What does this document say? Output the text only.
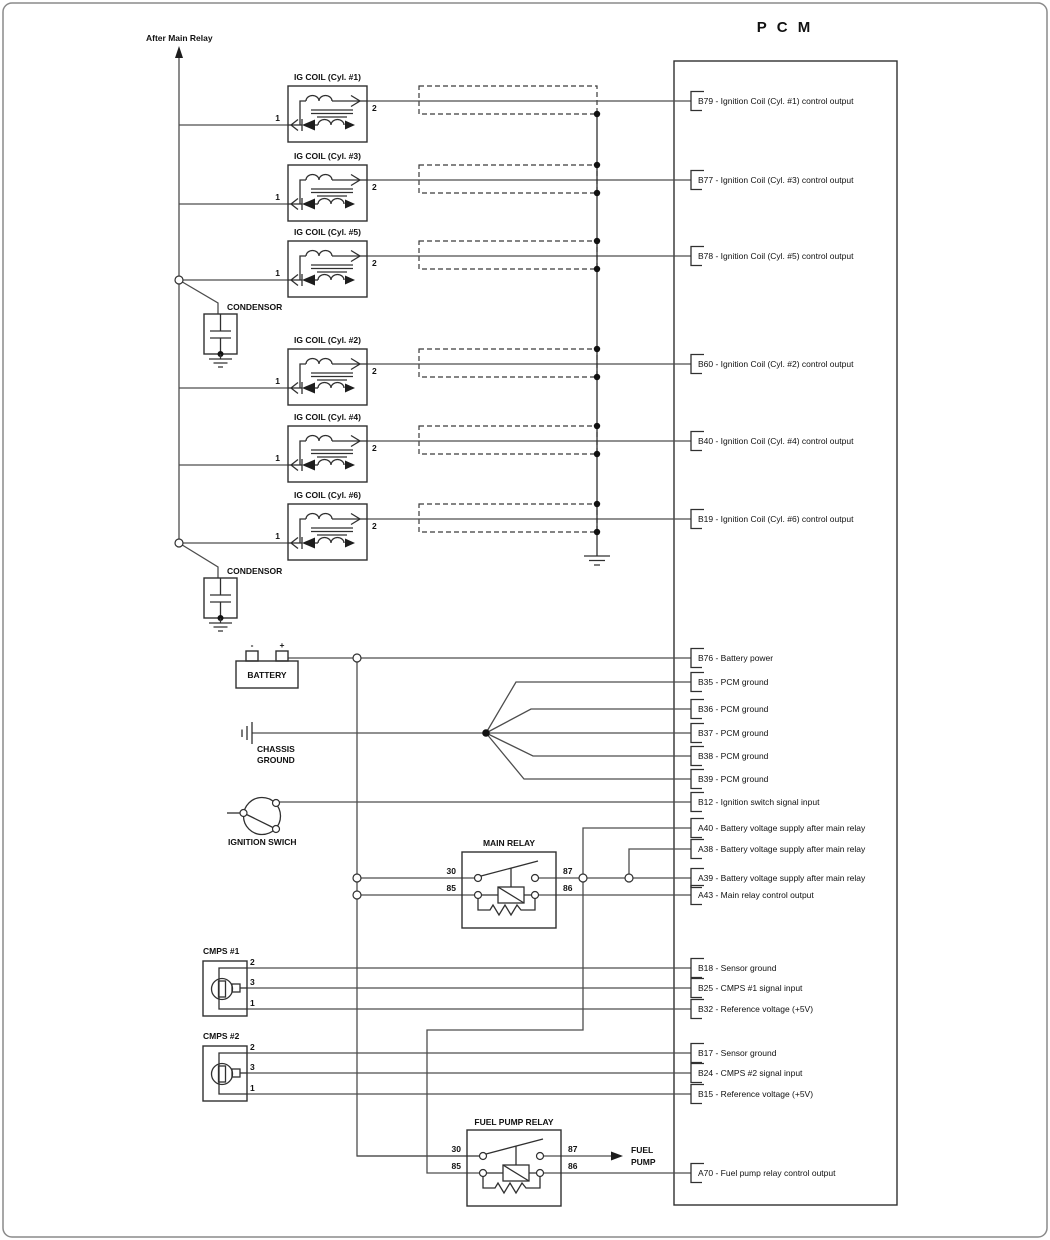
P C M
IG COIL (Cyl. #1)
2
1
IG COIL (Cyl. #3)
2
1
IG COIL (Cyl. #5)
2
1
IG COIL (Cyl. #2)
2
1
IG COIL (Cyl. #4)
2
1
IG COIL (Cyl. #6)
2
1
CONDENSOR
CONDENSOR
-	+
BATTERY
CHASSIS
GROUND
IGNITION SWICH	MAIN RELAY
30	87
85	86
FUEL PUMP RELAY
30	87
85	86
FUEL
PUMP
CMPS #1
2
3
1
CMPS #2
2
3
1
After Main Relay
B79 - Ignition Coil (Cyl. #1) control output
B77 - Ignition Coil (Cyl. #3) control output
B78 - Ignition Coil (Cyl. #5) control output
B60 - Ignition Coil (Cyl. #2) control output
B40 - Ignition Coil (Cyl. #4) control output
B19 - Ignition Coil (Cyl. #6) control output
B76 - Battery power
B35 - PCM ground
B36 - PCM ground
B37 - PCM ground
B38 - PCM ground
B39 - PCM ground
B12 - Ignition switch signal input
A40 - Battery voltage supply after main relay
A38 - Battery voltage supply after main relay
A39 - Battery voltage supply after main relay
A43 - Main relay control output
B18 - Sensor ground
B25 - CMPS #1 signal input
B32 - Reference voltage (+5V)
B17 - Sensor ground
B24 - CMPS #2 signal input
B15 - Reference voltage (+5V)
A70 - Fuel pump relay control output
